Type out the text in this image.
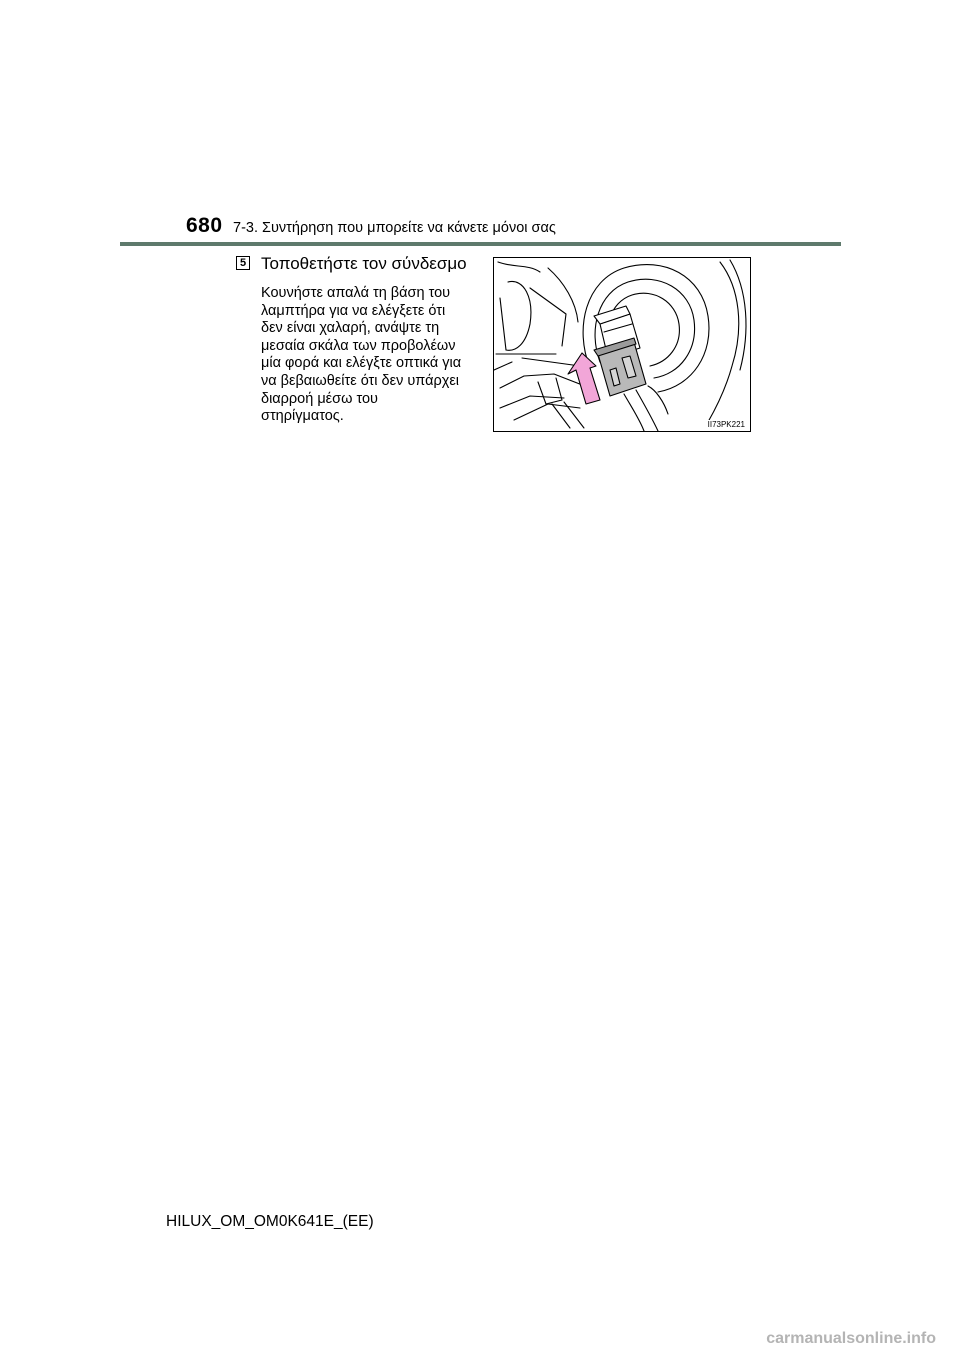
680 7-3. Συντήρηση που μπορείτε να κάνετε μόνοι σας
5 Τοποθετήστε τον σύνδεσμο

Κουνήστε απαλά τη βάση του

λαμπτήρα για να ελέγξετε ότι

δεν είναι χαλαρή, ανάψτε τη

μεσαία σκάλα των προβολέων

μία φορά και ελέγξτε οπτικά για

να βεβαιωθείτε ότι δεν υπάρχει

διαρροή μέσω του

στηρίγματος.

II73PK221
HILUX_OM_OM0K641E_(EE)
carmanualsonline.info
